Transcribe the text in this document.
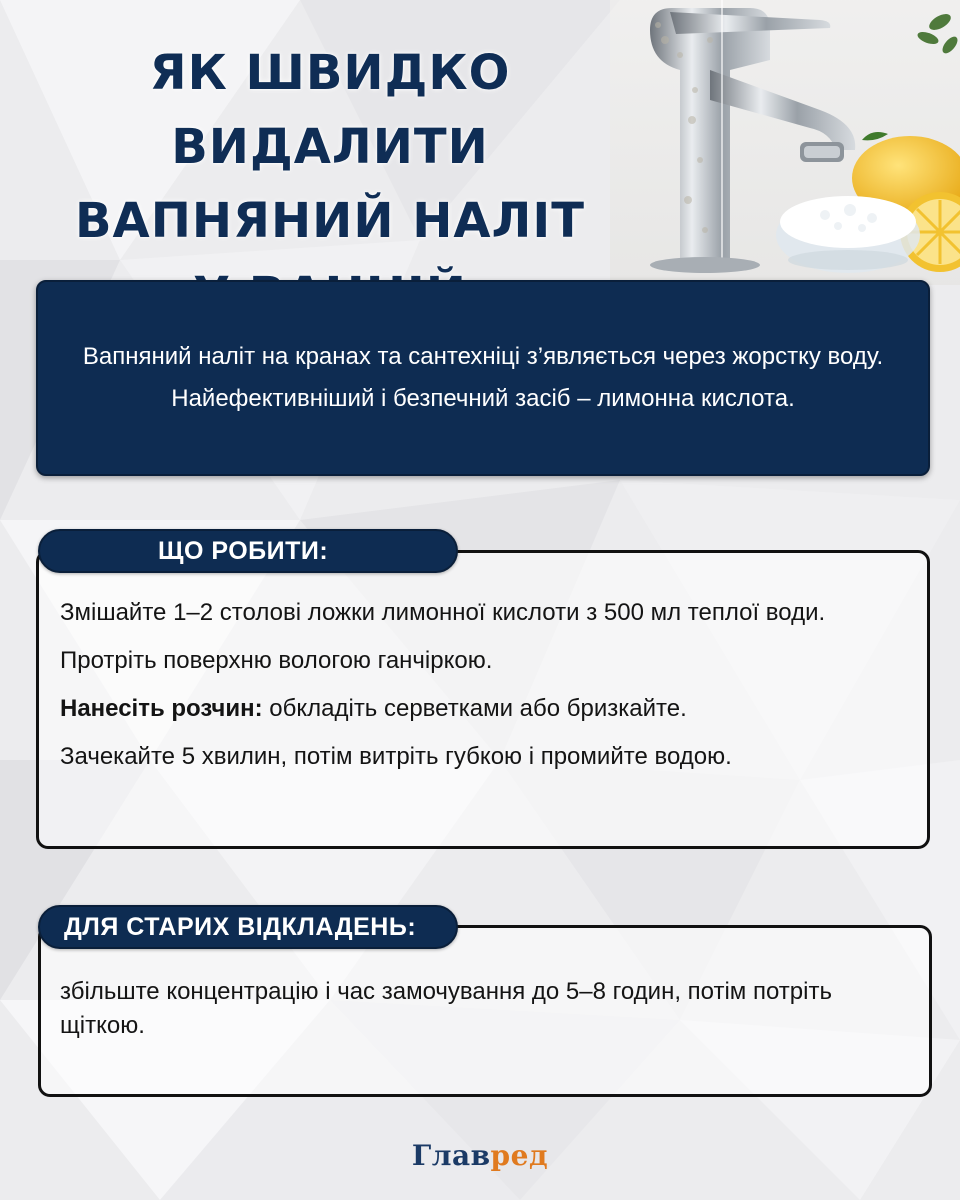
ЯК ШВИДКО ВИДАЛИТИ
ВАПНЯНИЙ НАЛІТ
Вапняний наліт на кранах та сантехніці з’являється через жорстку воду. Найефективніший і безпечний засіб – лимонна кислота.
ЩО РОБИТИ:

Змішайте 1–2 столові ложки лимонної кислоти з 500 мл теплої води.

Протріть поверхню вологою ганчіркою.

Нанесіть розчин: обкладіть серветками або бризкайте.

Зачекайте 5 хвилин, потім витріть губкою і промийте водою.

ДЛЯ СТАРИХ ВІДКЛАДЕНЬ:

збільште концентрацію і час замочування до 5–8 годин, потім потріть щіткою.

Главред
